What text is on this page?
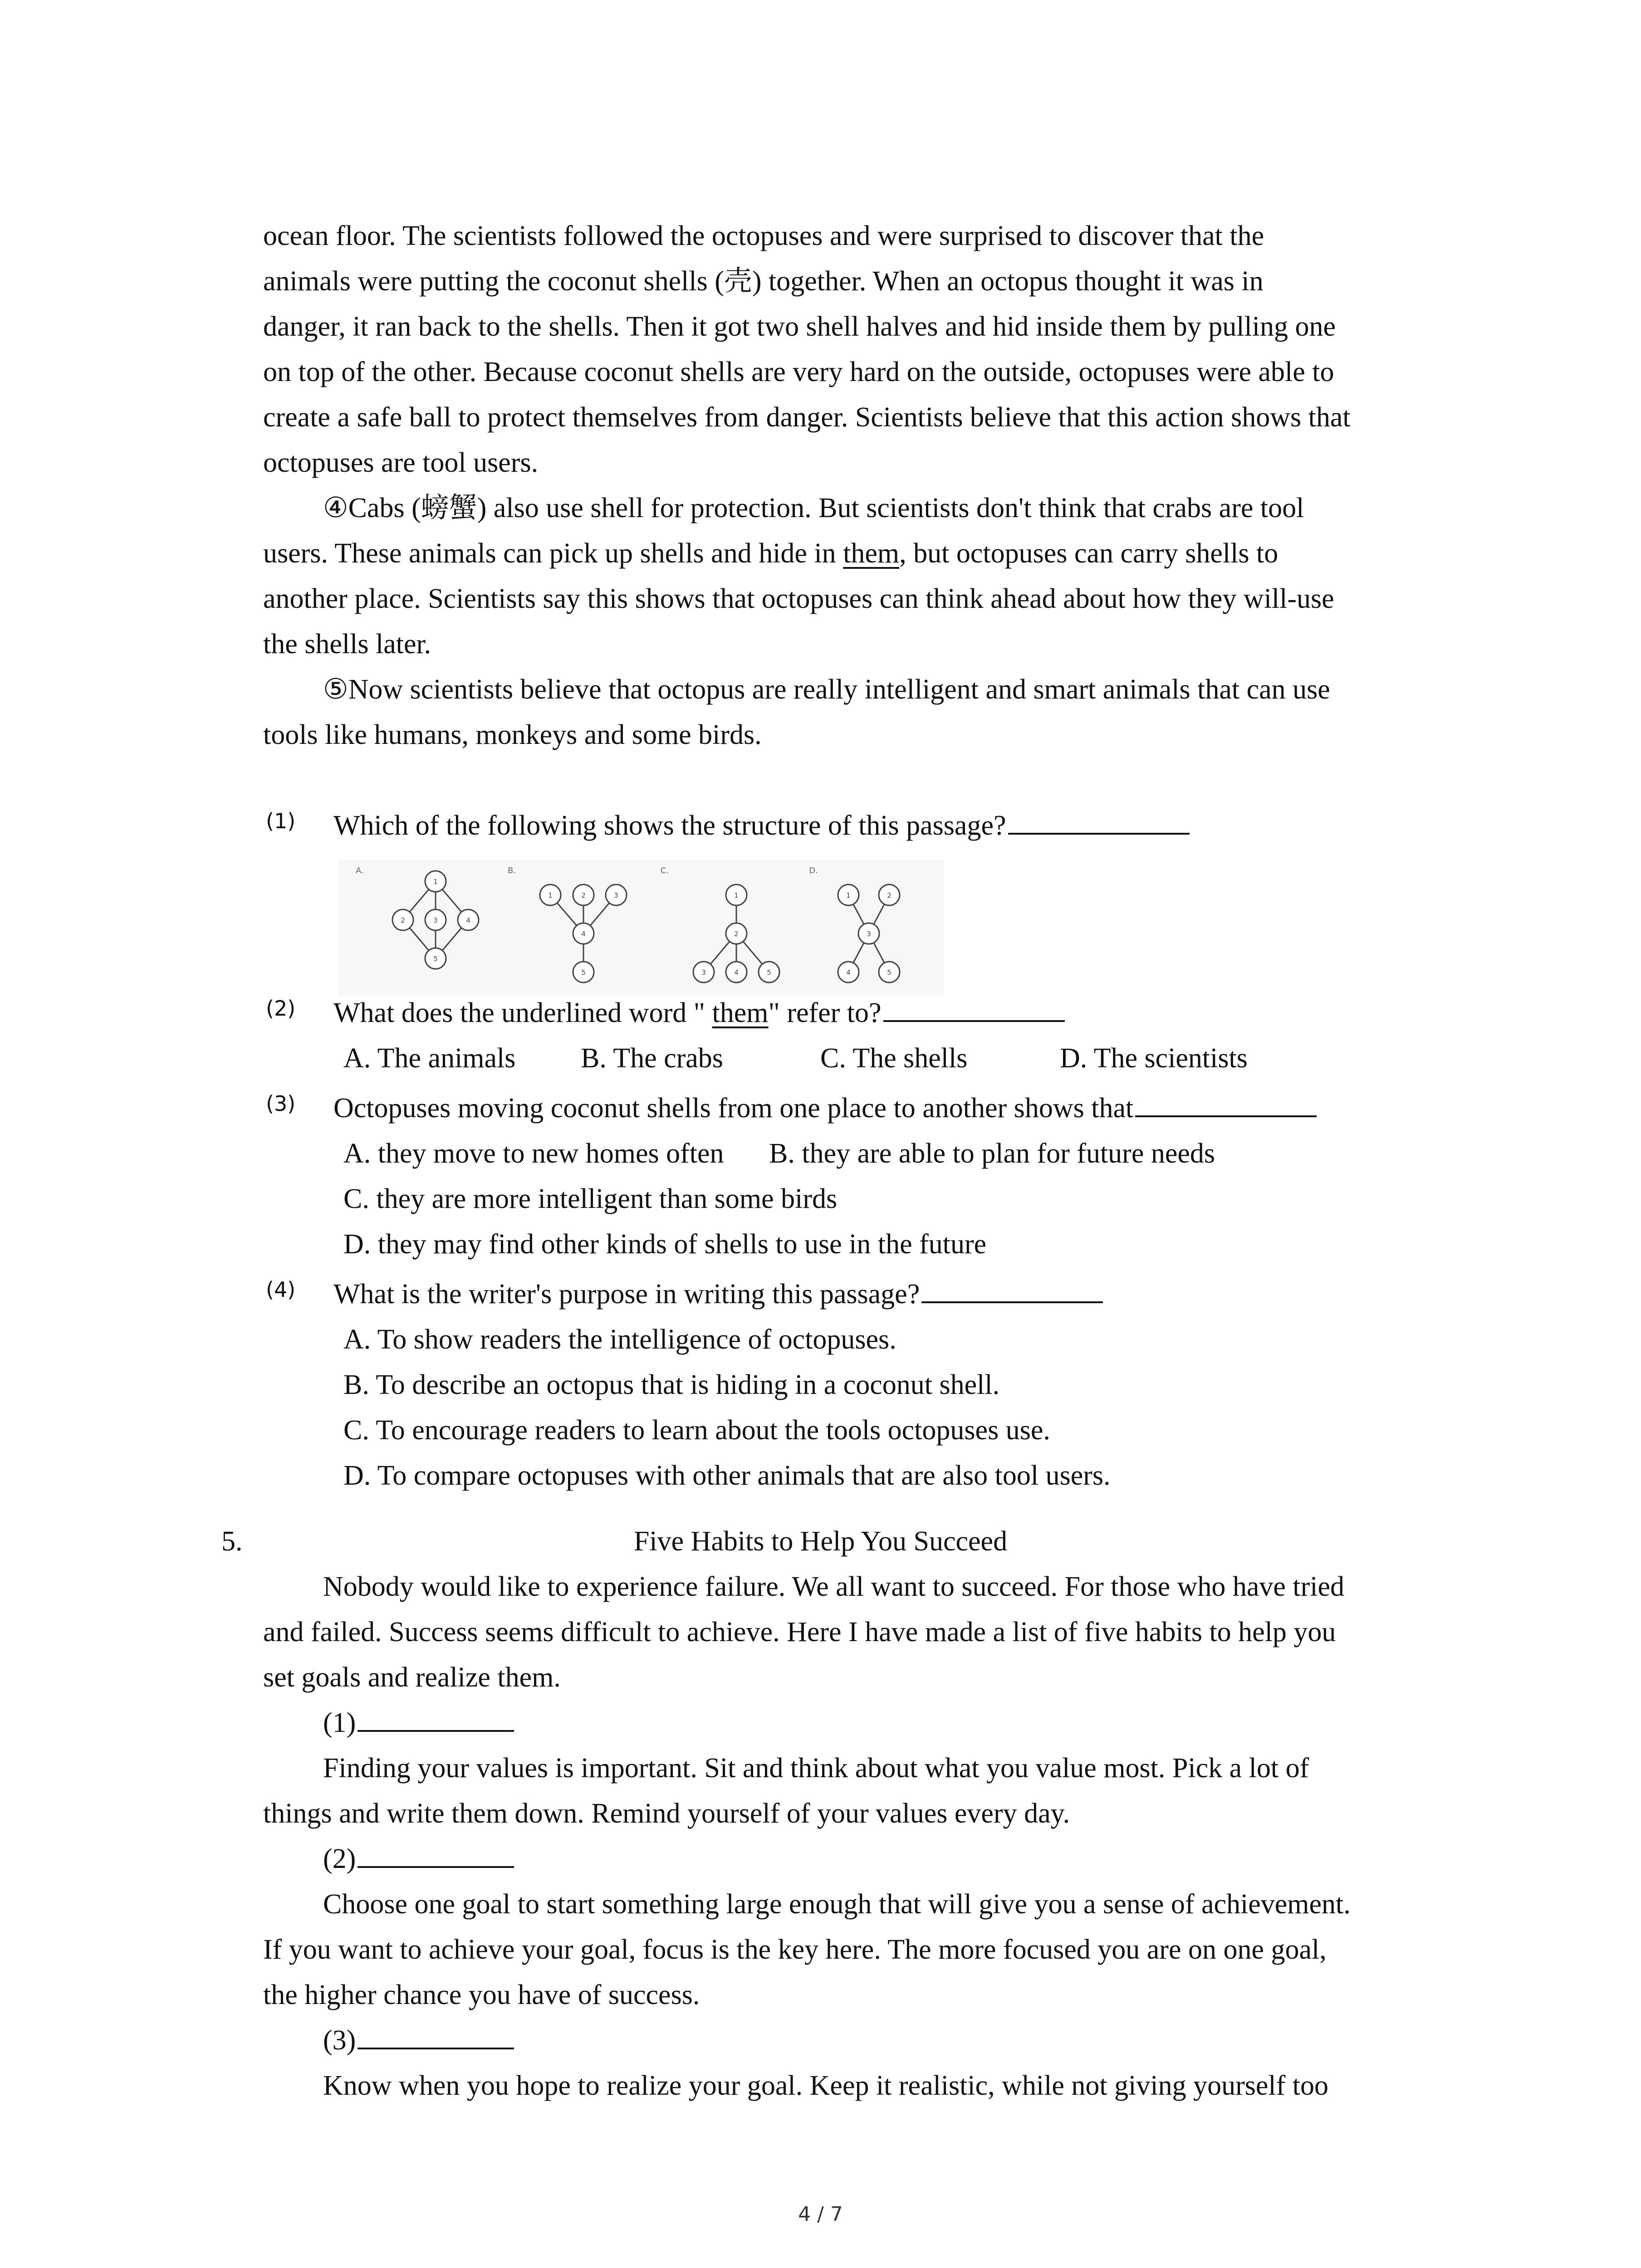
ocean floor. The scientists followed the octopuses and were surprised to discover that the
animals were putting the coconut shells (壳) together. When an octopus thought it was in
danger, it ran back to the shells. Then it got two shell halves and hid inside them by pulling one
on top of the other. Because coconut shells are very hard on the outside, octopuses were able to
create a safe ball to protect themselves from danger. Scientists believe that this action shows that
octopuses are tool users.
④Cabs (螃蟹) also use shell for protection. But scientists don't think that crabs are tool
users. These animals can pick up shells and hide in them, but octopuses can carry shells to
another place. Scientists say this shows that octopuses can think ahead about how they will-use
the shells later.
⑤Now scientists believe that octopus are really intelligent and smart animals that can use
tools like humans, monkeys and some birds.
(1) Which of the following shows the structure of this passage?
A.
1
2	3	4
5
B.
1	2	3
4
5
C.
1
2
3	4	5
D.
1	2
3
4	5
(2) What does the underlined word " them" refer to?
A. The animals B. The crabs	C. The shells	D. The scientists
(3) Octopuses moving coconut shells from one place to another shows that
A. they move to new homes often B. they are able to plan for future needs
C. they are more intelligent than some birds
D. they may find other kinds of shells to use in the future
(4) What is the writer's purpose in writing this passage?
A. To show readers the intelligence of octopuses.
B. To describe an octopus that is hiding in a coconut shell.
C. To encourage readers to learn about the tools octopuses use.
D. To compare octopuses with other animals that are also tool users.
5.	Five Habits to Help You Succeed
Nobody would like to experience failure. We all want to succeed. For those who have tried
and failed. Success seems difficult to achieve. Here I have made a list of five habits to help you
set goals and realize them.
(1)
Finding your values is important. Sit and think about what you value most. Pick a lot of
things and write them down. Remind yourself of your values every day.
(2)
Choose one goal to start something large enough that will give you a sense of achievement.
If you want to achieve your goal, focus is the key here. The more focused you are on one goal,
the higher chance you have of success.
(3)
Know when you hope to realize your goal. Keep it realistic, while not giving yourself too
4 / 7
